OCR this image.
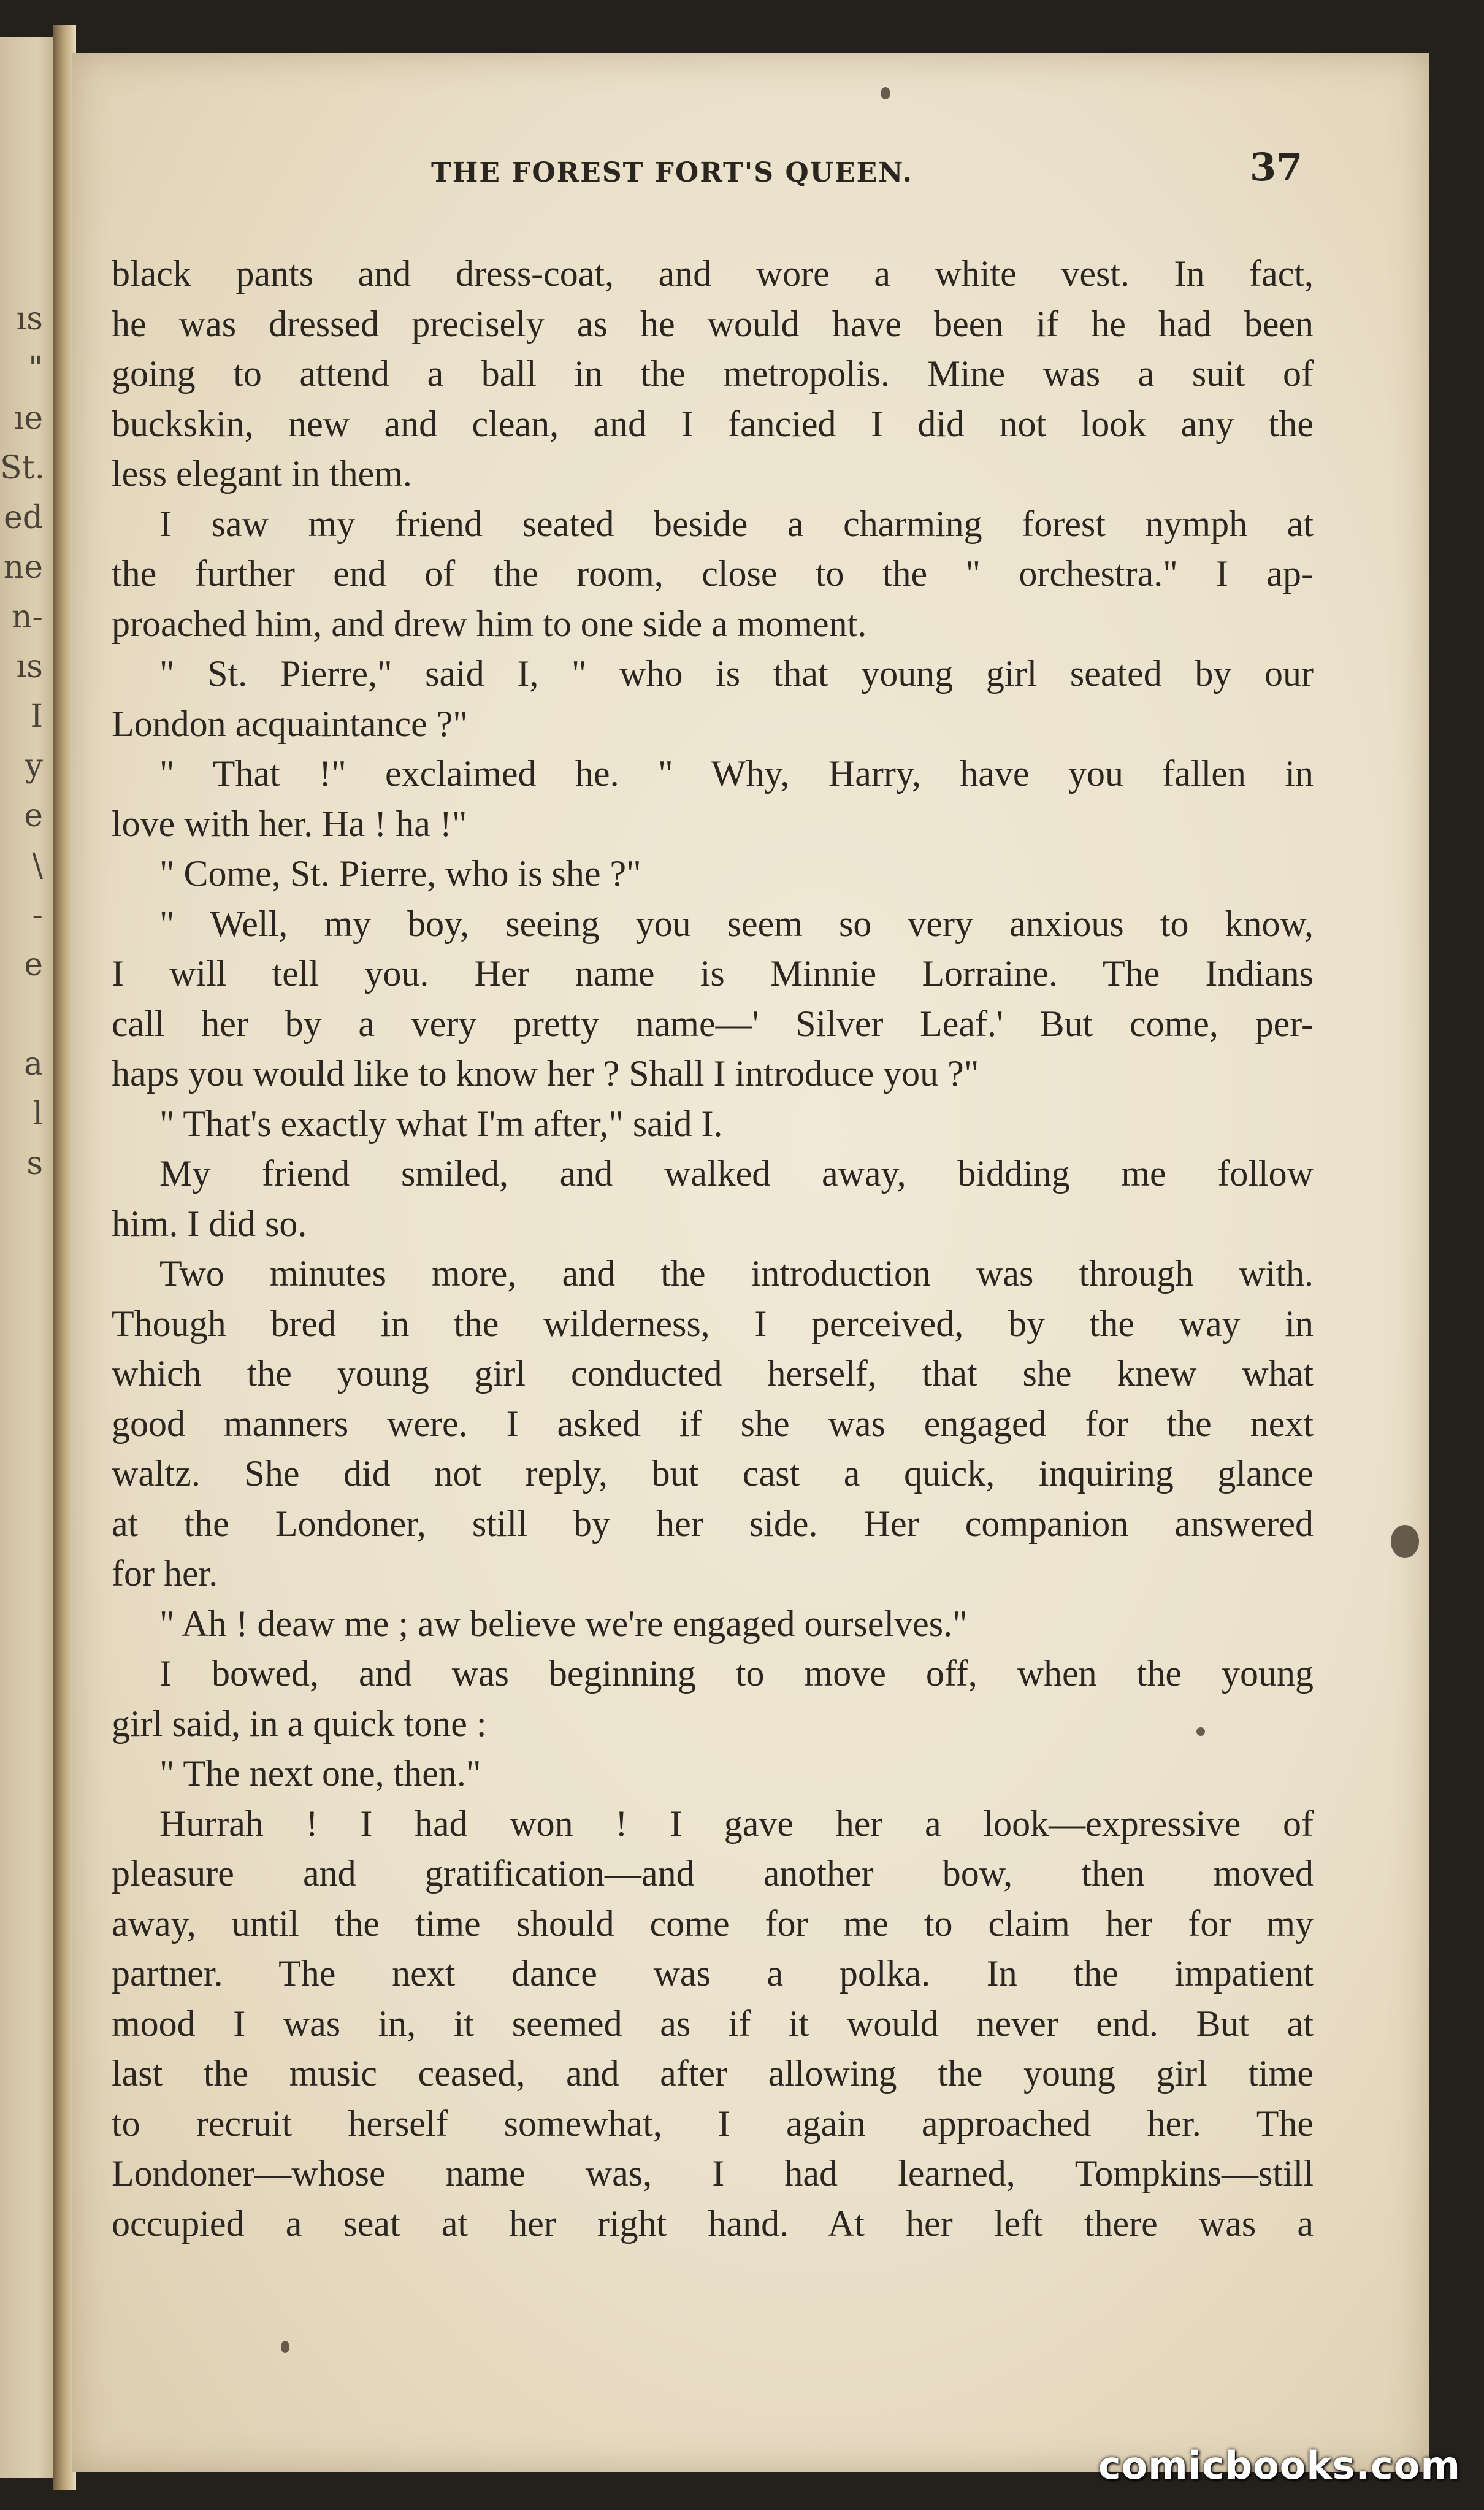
ıs
"
ıe
St.
ed
ne
n-
ıs
I
y
e
\
-
e
a
l
s
THE FOREST FORT'S QUEEN.	37
black pants and dress-coat, and wore a white vest. In fact,
he was dressed precisely as he would have been if he had been
going to attend a ball in the metropolis. Mine was a suit of
buckskin, new and clean, and I fancied I did not look any the
less elegant in them.
I saw my friend seated beside a charming forest nymph at
the further end of the room, close to the " orchestra." I ap-
proached him, and drew him to one side a moment.
" St. Pierre," said I, " who is that young girl seated by our
London acquaintance ?"
" That !" exclaimed he. " Why, Harry, have you fallen in
love with her. Ha ! ha !"
" Come, St. Pierre, who is she ?"
" Well, my boy, seeing you seem so very anxious to know,
I will tell you. Her name is Minnie Lorraine. The Indians
call her by a very pretty name—' Silver Leaf.' But come, per-
haps you would like to know her ? Shall I introduce you ?"
" That's exactly what I'm after," said I.
My friend smiled, and walked away, bidding me follow
him. I did so.
Two minutes more, and the introduction was through with.
Though bred in the wilderness, I perceived, by the way in
which the young girl conducted herself, that she knew what
good manners were. I asked if she was engaged for the next
waltz. She did not reply, but cast a quick, inquiring glance
at the Londoner, still by her side. Her companion answered
for her.
" Ah ! deaw me ; aw believe we're engaged ourselves."
I bowed, and was beginning to move off, when the young
girl said, in a quick tone :
" The next one, then."
Hurrah ! I had won ! I gave her a look—expressive of
pleasure and gratification—and another bow, then moved
away, until the time should come for me to claim her for my
partner. The next dance was a polka. In the impatient
mood I was in, it seemed as if it would never end. But at
last the music ceased, and after allowing the young girl time
to recruit herself somewhat, I again approached her. The
Londoner—whose name was, I had learned, Tompkins—still
occupied a seat at her right hand. At her left there was a
comicbooks.com
